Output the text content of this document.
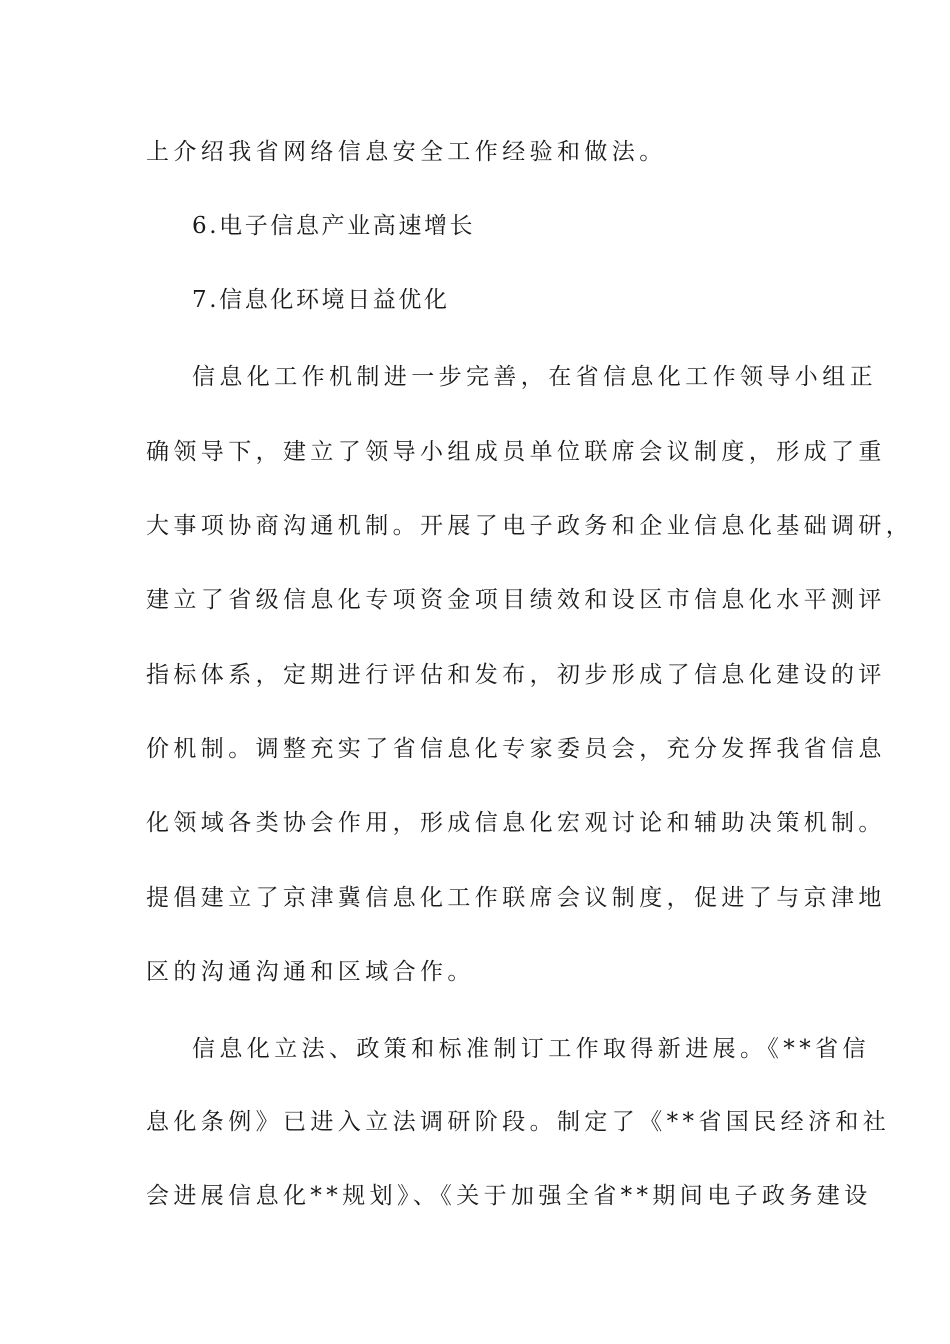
上介绍我省网络信息安全工作经验和做法。
6.电子信息产业高速增长
7.信息化环境日益优化
信息化工作机制进一步完善，在省信息化工作领导小组正
确领导下，建立了领导小组成员单位联席会议制度，形成了重
大事项协商沟通机制。开展了电子政务和企业信息化基础调研，
建立了省级信息化专项资金项目绩效和设区市信息化水平测评
指标体系，定期进行评估和发布，初步形成了信息化建设的评
价机制。调整充实了省信息化专家委员会，充分发挥我省信息
化领域各类协会作用，形成信息化宏观讨论和辅助决策机制。
提倡建立了京津冀信息化工作联席会议制度，促进了与京津地
区的沟通沟通和区域合作。
信息化立法、政策和标准制订工作取得新进展。《**省信
息化条例》已进入立法调研阶段。制定了《**省国民经济和社
会进展信息化**规划》、《关于加强全省**期间电子政务建设
